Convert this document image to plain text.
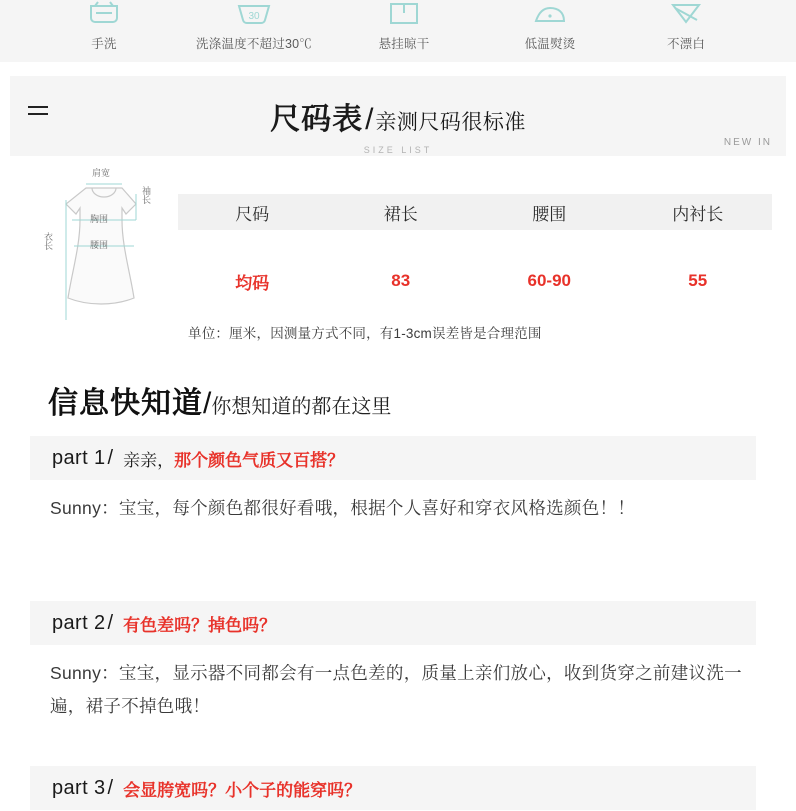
手洗
30
洗涤温度不超过30℃	悬挂晾干	低温熨烫	不漂白
尺码表/亲测尺码很标准
SIZE LIST
NEW IN
肩宽
袖长
胸围
腰围
衣长
尺码	裙长	腰围	内衬长
均码	83	60-90	55
单位：厘米，因测量方式不同，有1-3cm误差皆是合理范围
信息快知道/你想知道的都在这里
part 1 / 亲亲， 那个颜色气质又百搭？
Sunny：宝宝，每个颜色都很好看哦，根据个人喜好和穿衣风格选颜色！！
part 2 / 有色差吗？掉色吗？
Sunny：宝宝，显示器不同都会有一点色差的，质量上亲们放心，收到货穿之前建议洗一遍，裙子不掉色哦！
part 3 / 会显胯宽吗？小个子的能穿吗？
